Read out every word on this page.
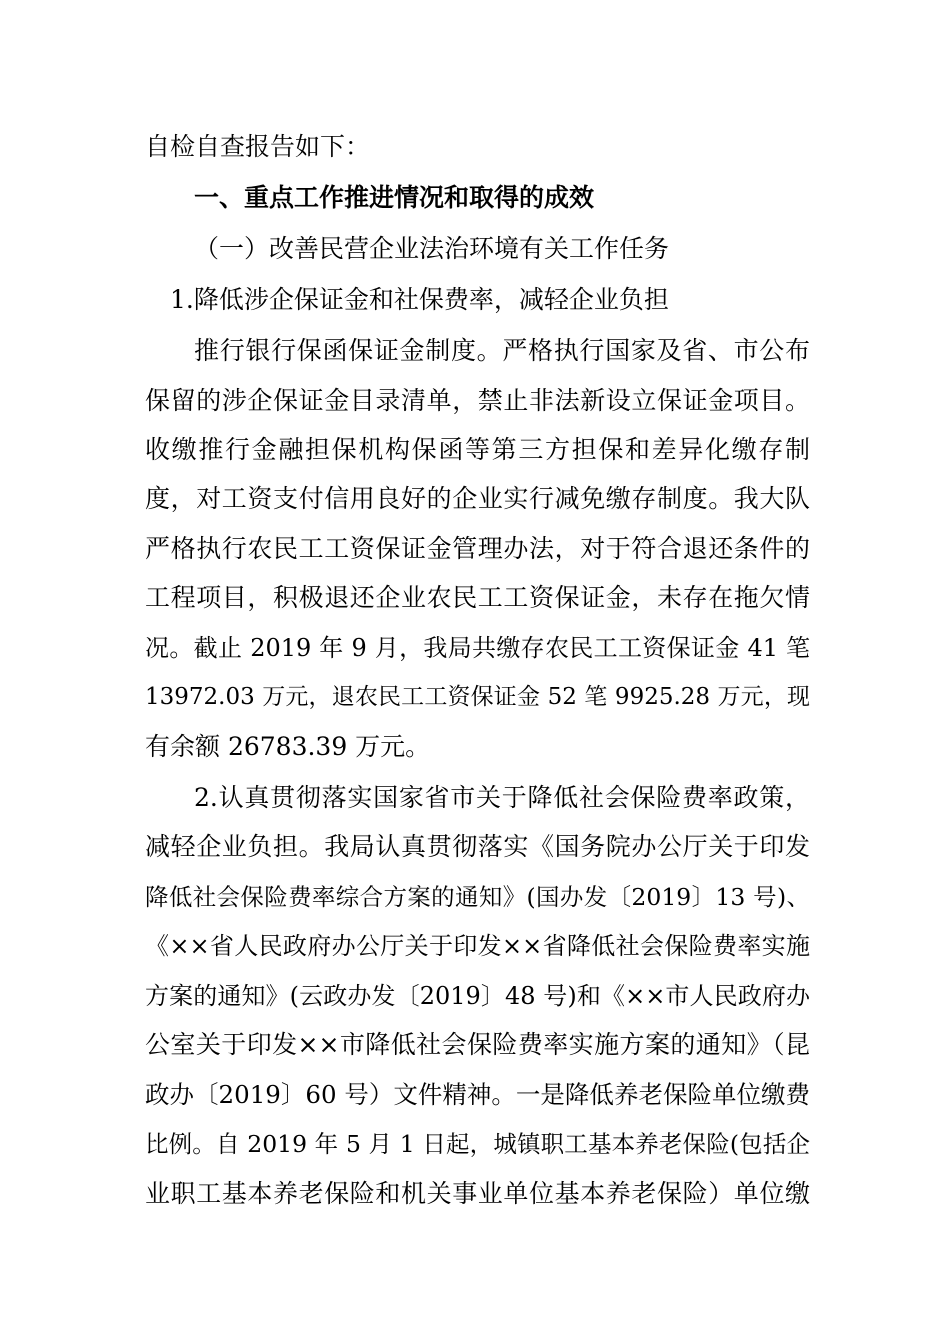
自检自查报告如下：
一、重点工作推进情况和取得的成效
（一）改善民营企业法治环境有关工作任务
1.降低涉企保证金和社保费率，减轻企业负担
推行银行保函保证金制度。严格执行国家及省、市公布
保留的涉企保证金目录清单，禁止非法新设立保证金项目。
收缴推行金融担保机构保函等第三方担保和差异化缴存制
度，对工资支付信用良好的企业实行减免缴存制度。我大队
严格执行农民工工资保证金管理办法，对于符合退还条件的
工程项目，积极退还企业农民工工资保证金，未存在拖欠情
况。截止 2019 年 9 月，我局共缴存农民工工资保证金 41 笔
13972.03 万元，退农民工工资保证金 52 笔 9925.28 万元，现
有余额 26783.39 万元。
2.认真贯彻落实国家省市关于降低社会保险费率政策，
减轻企业负担。我局认真贯彻落实《国务院办公厅关于印发
降低社会保险费率综合方案的通知》(国办发〔2019〕13 号)、
《××省人民政府办公厅关于印发××省降低社会保险费率实施
方案的通知》(云政办发〔2019〕48 号)和《××市人民政府办
公室关于印发××市降低社会保险费率实施方案的通知》（昆
政办〔2019〕60 号）文件精神。一是降低养老保险单位缴费
比例。自 2019 年 5 月 1 日起，城镇职工基本养老保险(包括企
业职工基本养老保险和机关事业单位基本养老保险）单位缴
